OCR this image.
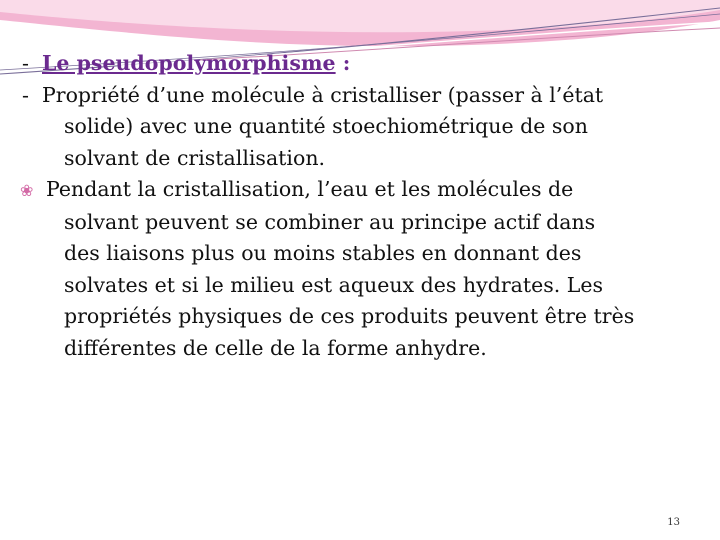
- Le pseudopolymorphisme :
- Propriété d’une molécule à cristalliser (passer à l’état
solide) avec une quantité stoechiométrique de son
solvant de cristallisation.
❀ Pendant la cristallisation, l’eau et les molécules de
solvant peuvent se combiner au principe actif dans
des liaisons plus ou moins stables en donnant des
solvates et si le milieu est aqueux des hydrates. Les
propriétés physiques de ces produits peuvent être très
différentes de celle de la forme anhydre.
13
